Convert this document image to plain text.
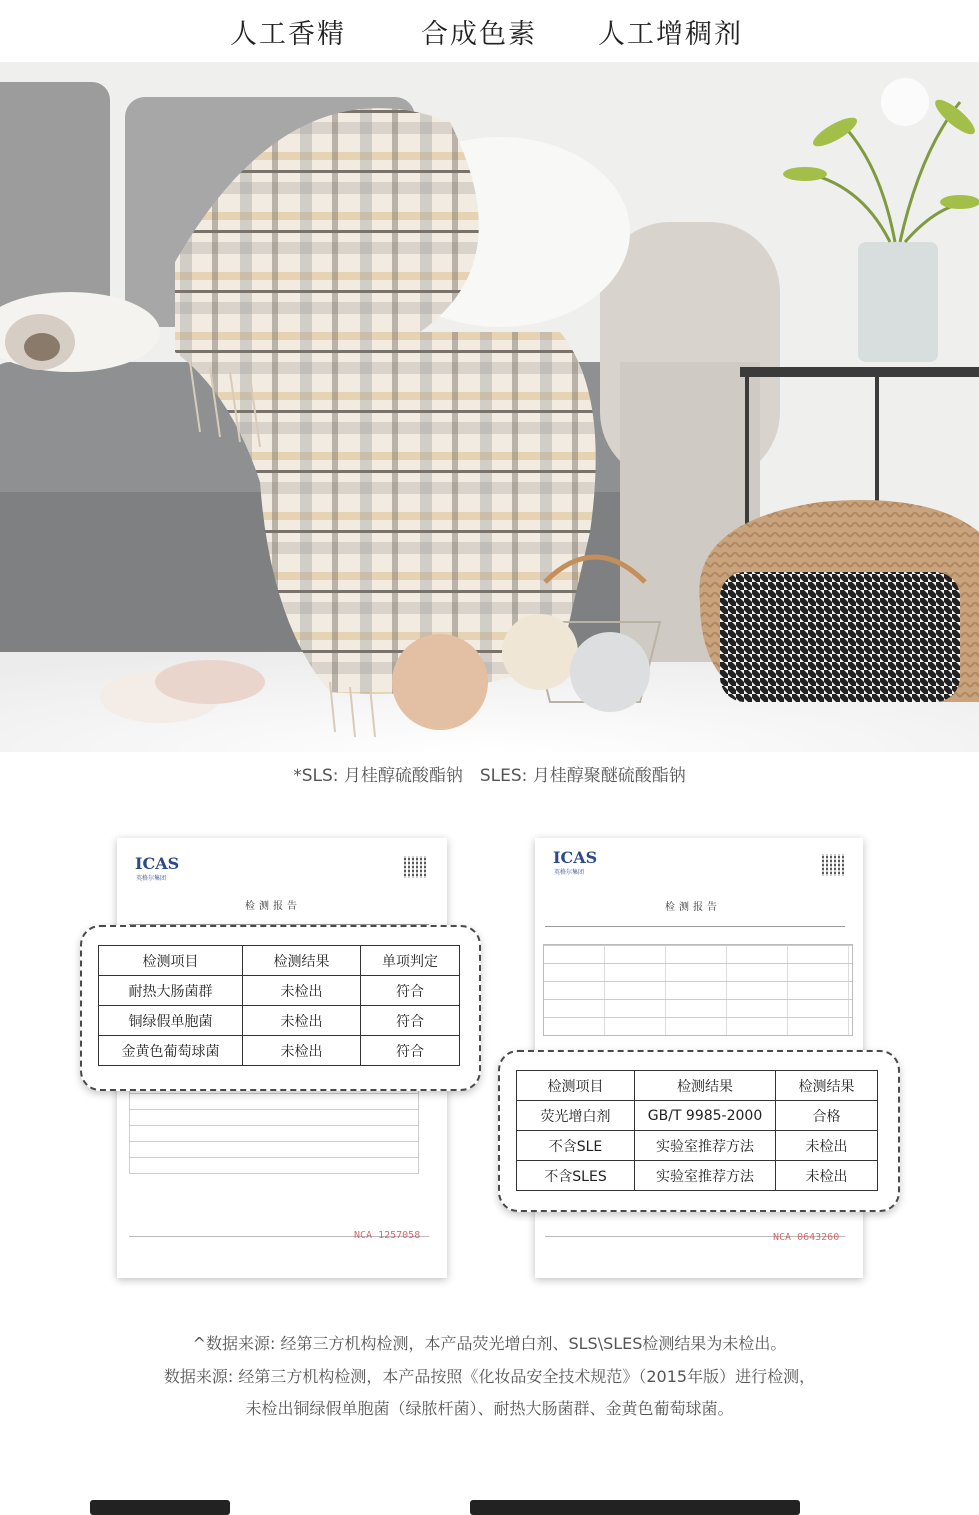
人工香精	合成色素 人工增稠剂
*SLS: 月桂醇硫酸酯钠　SLES: 月桂醇聚醚硫酸酯钠
ICAS
英格尔集团
检测报告
NCA 1257058
ICAS
英格尔集团
检测报告
NCA 0643260
检测项目	检测结果	单项判定
耐热大肠菌群	未检出	符合
铜绿假单胞菌	未检出	符合
金黄色葡萄球菌	未检出	符合
检测项目	检测结果	检测结果
荧光增白剂	GB/T 9985-2000	合格
不含SLE	实验室推荐方法	未检出
不含SLES	实验室推荐方法	未检出
^数据来源: 经第三方机构检测，本产品荧光增白剂、SLS\SLES检测结果为未检出。
数据来源: 经第三方机构检测，本产品按照《化妆品安全技术规范》（2015年版）进行检测，
未检出铜绿假单胞菌（绿脓杆菌）、耐热大肠菌群、金黄色葡萄球菌。
